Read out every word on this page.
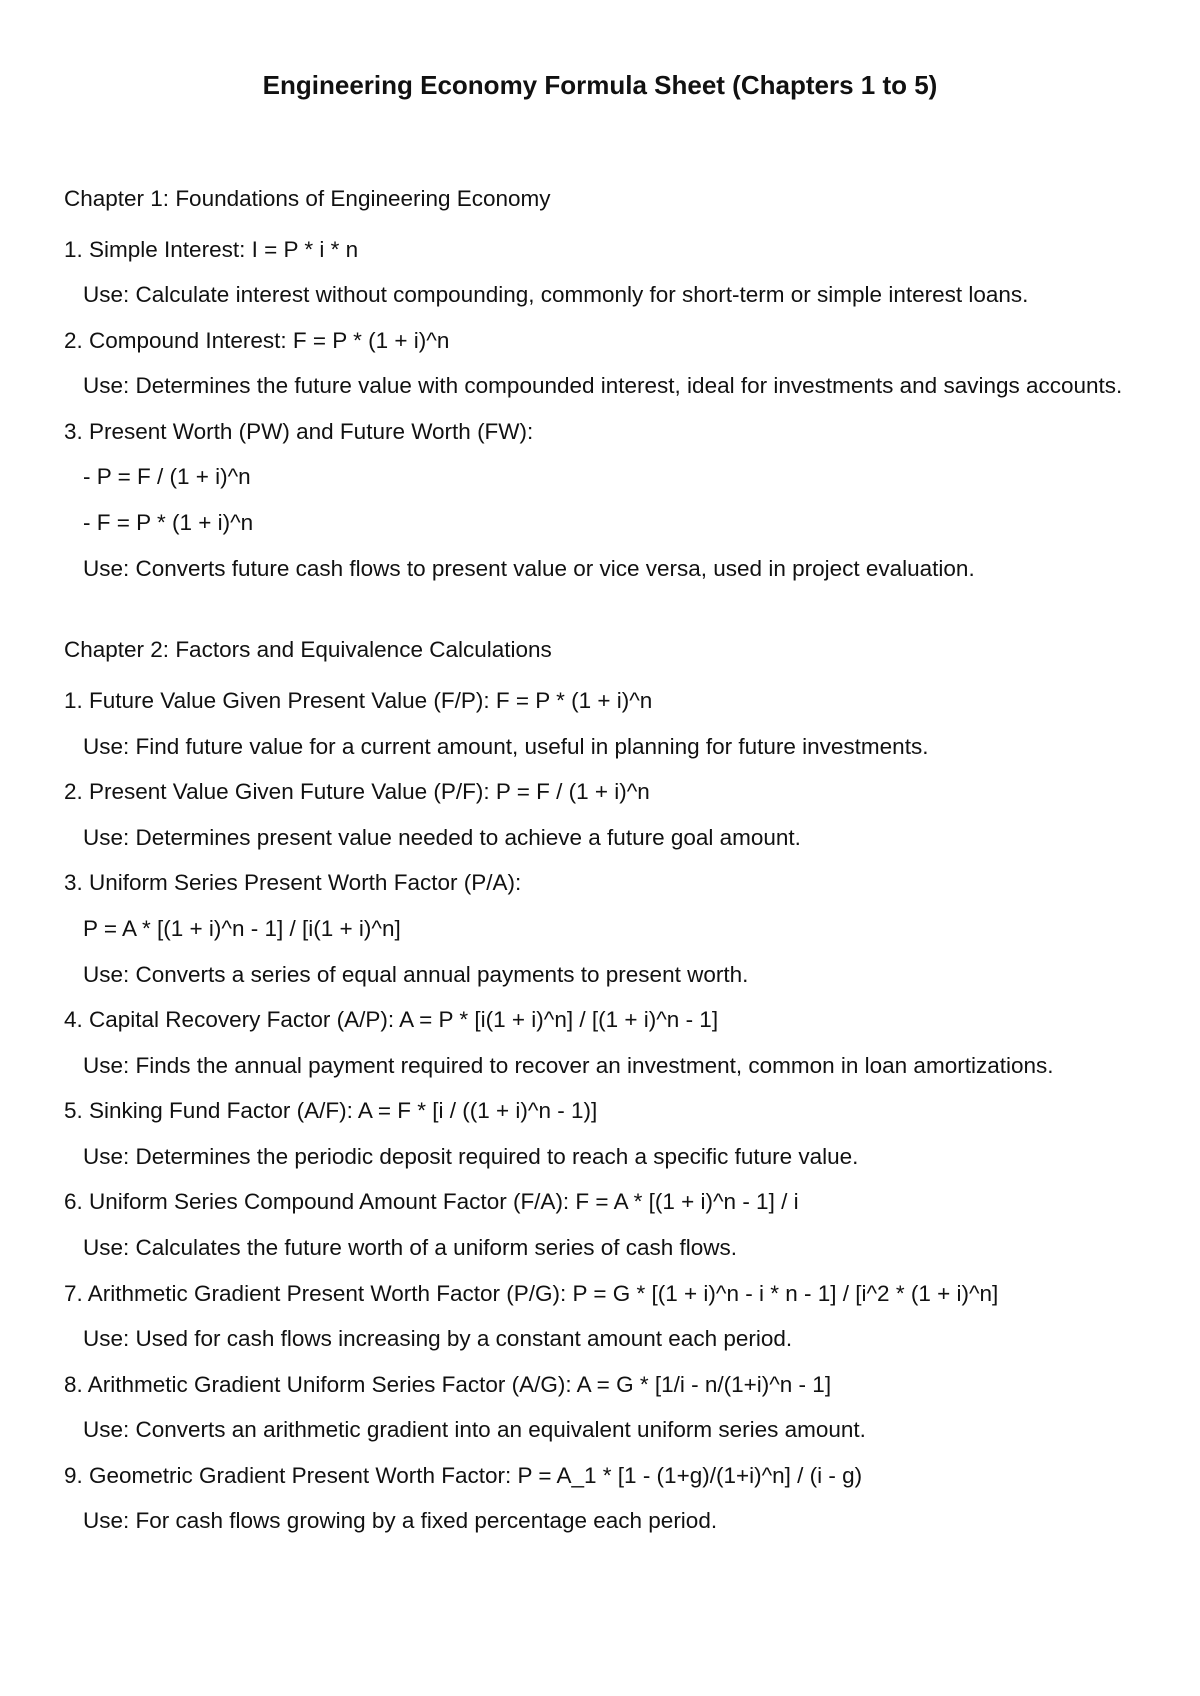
Engineering Economy Formula Sheet (Chapters 1 to 5)
Chapter 1: Foundations of Engineering Economy
1. Simple Interest: I = P * i * n
Use: Calculate interest without compounding, commonly for short-term or simple interest loans.
2. Compound Interest: F = P * (1 + i)^n
Use: Determines the future value with compounded interest, ideal for investments and savings accounts.
3. Present Worth (PW) and Future Worth (FW):
- P = F / (1 + i)^n
- F = P * (1 + i)^n
Use: Converts future cash flows to present value or vice versa, used in project evaluation.
Chapter 2: Factors and Equivalence Calculations
1. Future Value Given Present Value (F/P): F = P * (1 + i)^n
Use: Find future value for a current amount, useful in planning for future investments.
2. Present Value Given Future Value (P/F): P = F / (1 + i)^n
Use: Determines present value needed to achieve a future goal amount.
3. Uniform Series Present Worth Factor (P/A):
P = A * [(1 + i)^n - 1] / [i(1 + i)^n]
Use: Converts a series of equal annual payments to present worth.
4. Capital Recovery Factor (A/P): A = P * [i(1 + i)^n] / [(1 + i)^n - 1]
Use: Finds the annual payment required to recover an investment, common in loan amortizations.
5. Sinking Fund Factor (A/F): A = F * [i / ((1 + i)^n - 1)]
Use: Determines the periodic deposit required to reach a specific future value.
6. Uniform Series Compound Amount Factor (F/A): F = A * [(1 + i)^n - 1] / i
Use: Calculates the future worth of a uniform series of cash flows.
7. Arithmetic Gradient Present Worth Factor (P/G): P = G * [(1 + i)^n - i * n - 1] / [i^2 * (1 + i)^n]
Use: Used for cash flows increasing by a constant amount each period.
8. Arithmetic Gradient Uniform Series Factor (A/G): A = G * [1/i - n/(1+i)^n - 1]
Use: Converts an arithmetic gradient into an equivalent uniform series amount.
9. Geometric Gradient Present Worth Factor: P = A_1 * [1 - (1+g)/(1+i)^n] / (i - g)
Use: For cash flows growing by a fixed percentage each period.
